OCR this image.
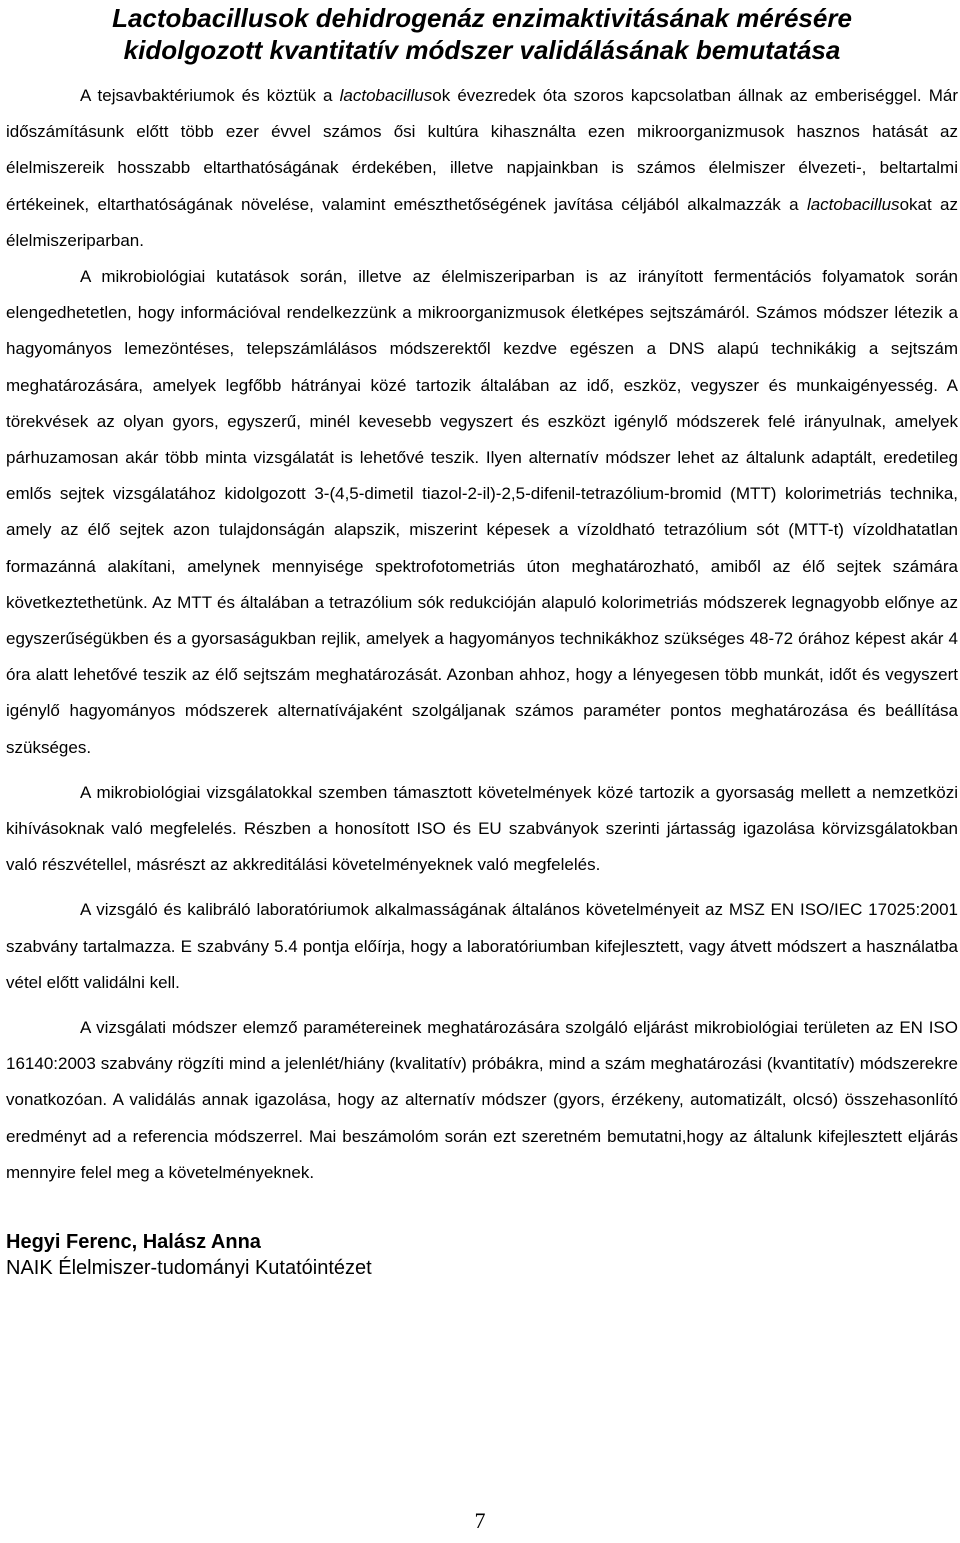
Lactobacillusok dehidrogenáz enzimaktivitásának mérésére
kidolgozott kvantitatív módszer validálásának bemutatása

A tejsavbaktériumok és köztük a lactobacillusok évezredek óta szoros kapcsolatban állnak az emberiséggel. Már időszámításunk előtt több ezer évvel számos ősi kultúra kihasználta ezen mikroorganizmusok hasznos hatását az élelmiszereik hosszabb eltarthatóságának érdekében, illetve napjainkban is számos élelmiszer élvezeti-, beltartalmi értékeinek, eltarthatóságának növelése, valamint emészthetőségének javítása céljából alkalmazzák a lactobacillusokat az élelmiszeriparban.

A mikrobiológiai kutatások során, illetve az élelmiszeriparban is az irányított fermentációs folyamatok során elengedhetetlen, hogy információval rendelkezzünk a mikroorganizmusok életképes sejtszámáról. Számos módszer létezik a hagyományos lemezöntéses, telepszámlálásos módszerektől kezdve egészen a DNS alapú technikákig a sejtszám meghatározására, amelyek legfőbb hátrányai közé tartozik általában az idő, eszköz, vegyszer és munkaigényesség. A törekvések az olyan gyors, egyszerű, minél kevesebb vegyszert és eszközt igénylő módszerek felé irányulnak, amelyek párhuzamosan akár több minta vizsgálatát is lehetővé teszik. Ilyen alternatív módszer lehet az általunk adaptált, eredetileg emlős sejtek vizsgálatához kidolgozott 3-(4,5-dimetil tiazol-2-il)-2,5-difenil-tetrazólium-bromid (MTT) kolorimetriás technika, amely az élő sejtek azon tulajdonságán alapszik, miszerint képesek a vízoldható tetrazólium sót (MTT-t) vízoldhatatlan formazánná alakítani, amelynek mennyisége spektrofotometriás úton meghatározható, amiből az élő sejtek számára következtethetünk. Az MTT és általában a tetrazólium sók redukcióján alapuló kolorimetriás módszerek legnagyobb előnye az egyszerűségükben és a gyorsaságukban rejlik, amelyek a hagyományos technikákhoz szükséges 48-72 órához képest akár 4 óra alatt lehetővé teszik az élő sejtszám meghatározását. Azonban ahhoz, hogy a lényegesen több munkát, időt és vegyszert igénylő hagyományos módszerek alternatívájaként szolgáljanak számos paraméter pontos meghatározása és beállítása szükséges.

A mikrobiológiai vizsgálatokkal szemben támasztott követelmények közé tartozik a gyorsaság mellett a nemzetközi kihívásoknak való megfelelés. Részben a honosított ISO és EU szabványok szerinti jártasság igazolása körvizsgálatokban való részvétellel, másrészt az akkreditálási követelményeknek való megfelelés.

A vizsgáló és kalibráló laboratóriumok alkalmasságának általános követelményeit az MSZ EN ISO/IEC 17025:2001 szabvány tartalmazza. E szabvány 5.4 pontja előírja, hogy a laboratóriumban kifejlesztett, vagy átvett módszert a használatba vétel előtt validálni kell.

A vizsgálati módszer elemző paramétereinek meghatározására szolgáló eljárást mikrobiológiai területen az EN ISO 16140:2003 szabvány rögzíti mind a jelenlét/hiány (kvalitatív) próbákra, mind a szám meghatározási (kvantitatív) módszerekre vonatkozóan. A validálás annak igazolása, hogy az alternatív módszer (gyors, érzékeny, automatizált, olcsó) összehasonlító eredményt ad a referencia módszerrel. Mai beszámolóm során ezt szeretném bemutatni,hogy az általunk kifejlesztett eljárás mennyire felel meg a követelményeknek.

Hegyi Ferenc, Halász Anna
NAIK Élelmiszer-tudományi Kutatóintézet
7
